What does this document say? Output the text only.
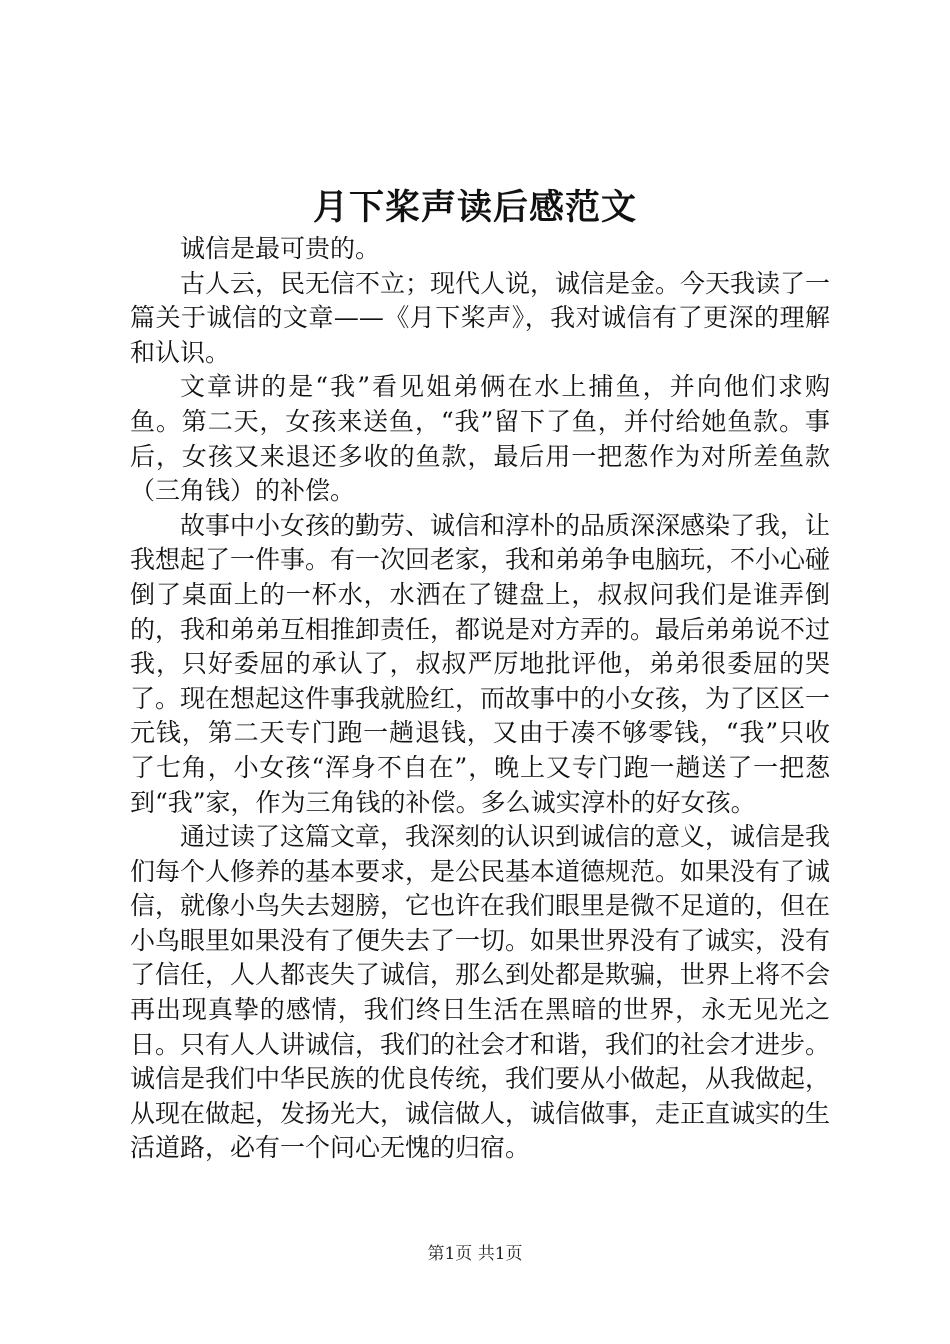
月下桨声读后感范文

诚信是最可贵的。

古人云，民无信不立；现代人说，诚信是金。今天我读了一篇关于诚信的文章——《月下桨声》，我对诚信有了更深的理解和认识。

文章讲的是“我”看见姐弟俩在水上捕鱼，并向他们求购鱼。第二天，女孩来送鱼，“我”留下了鱼，并付给她鱼款。事后，女孩又来退还多收的鱼款，最后用一把葱作为对所差鱼款（三角钱）的补偿。

故事中小女孩的勤劳、诚信和淳朴的品质深深感染了我，让我想起了一件事。有一次回老家，我和弟弟争电脑玩，不小心碰倒了桌面上的一杯水，水洒在了键盘上，叔叔问我们是谁弄倒的，我和弟弟互相推卸责任，都说是对方弄的。最后弟弟说不过我，只好委屈的承认了，叔叔严厉地批评他，弟弟很委屈的哭了。现在想起这件事我就脸红，而故事中的小女孩，为了区区一元钱，第二天专门跑一趟退钱，又由于凑不够零钱，“我”只收了七角，小女孩“浑身不自在”，晚上又专门跑一趟送了一把葱到“我”家，作为三角钱的补偿。多么诚实淳朴的好女孩。

通过读了这篇文章，我深刻的认识到诚信的意义，诚信是我们每个人修养的基本要求，是公民基本道德规范。如果没有了诚信，就像小鸟失去翅膀，它也许在我们眼里是微不足道的，但在小鸟眼里如果没有了便失去了一切。如果世界没有了诚实，没有了信任，人人都丧失了诚信，那么到处都是欺骗，世界上将不会再出现真挚的感情，我们终日生活在黑暗的世界，永无见光之日。只有人人讲诚信，我们的社会才和谐，我们的社会才进步。诚信是我们中华民族的优良传统，我们要从小做起，从我做起，从现在做起，发扬光大，诚信做人，诚信做事，走正直诚实的生活道路，必有一个问心无愧的归宿。

第1页 共1页
